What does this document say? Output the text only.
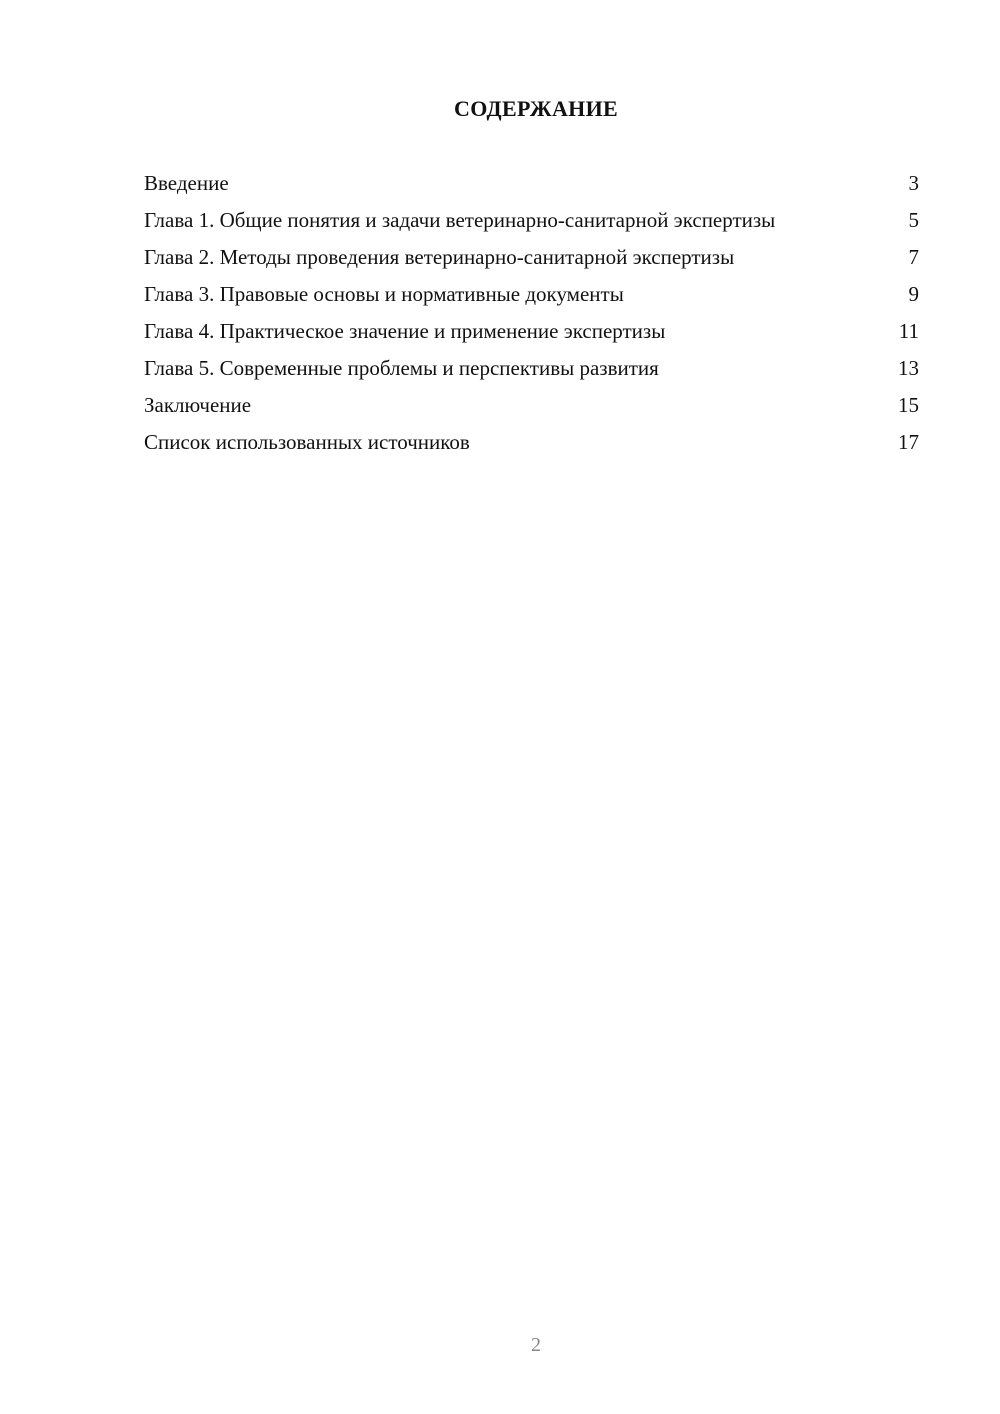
СОДЕРЖАНИЕ
Введение	3
Глава 1. Общие понятия и задачи ветеринарно-санитарной экспертизы	5
Глава 2. Методы проведения ветеринарно-санитарной экспертизы	7
Глава 3. Правовые основы и нормативные документы	9
Глава 4. Практическое значение и применение экспертизы	11
Глава 5. Современные проблемы и перспективы развития	13
Заключение	15
Список использованных источников	17
2
